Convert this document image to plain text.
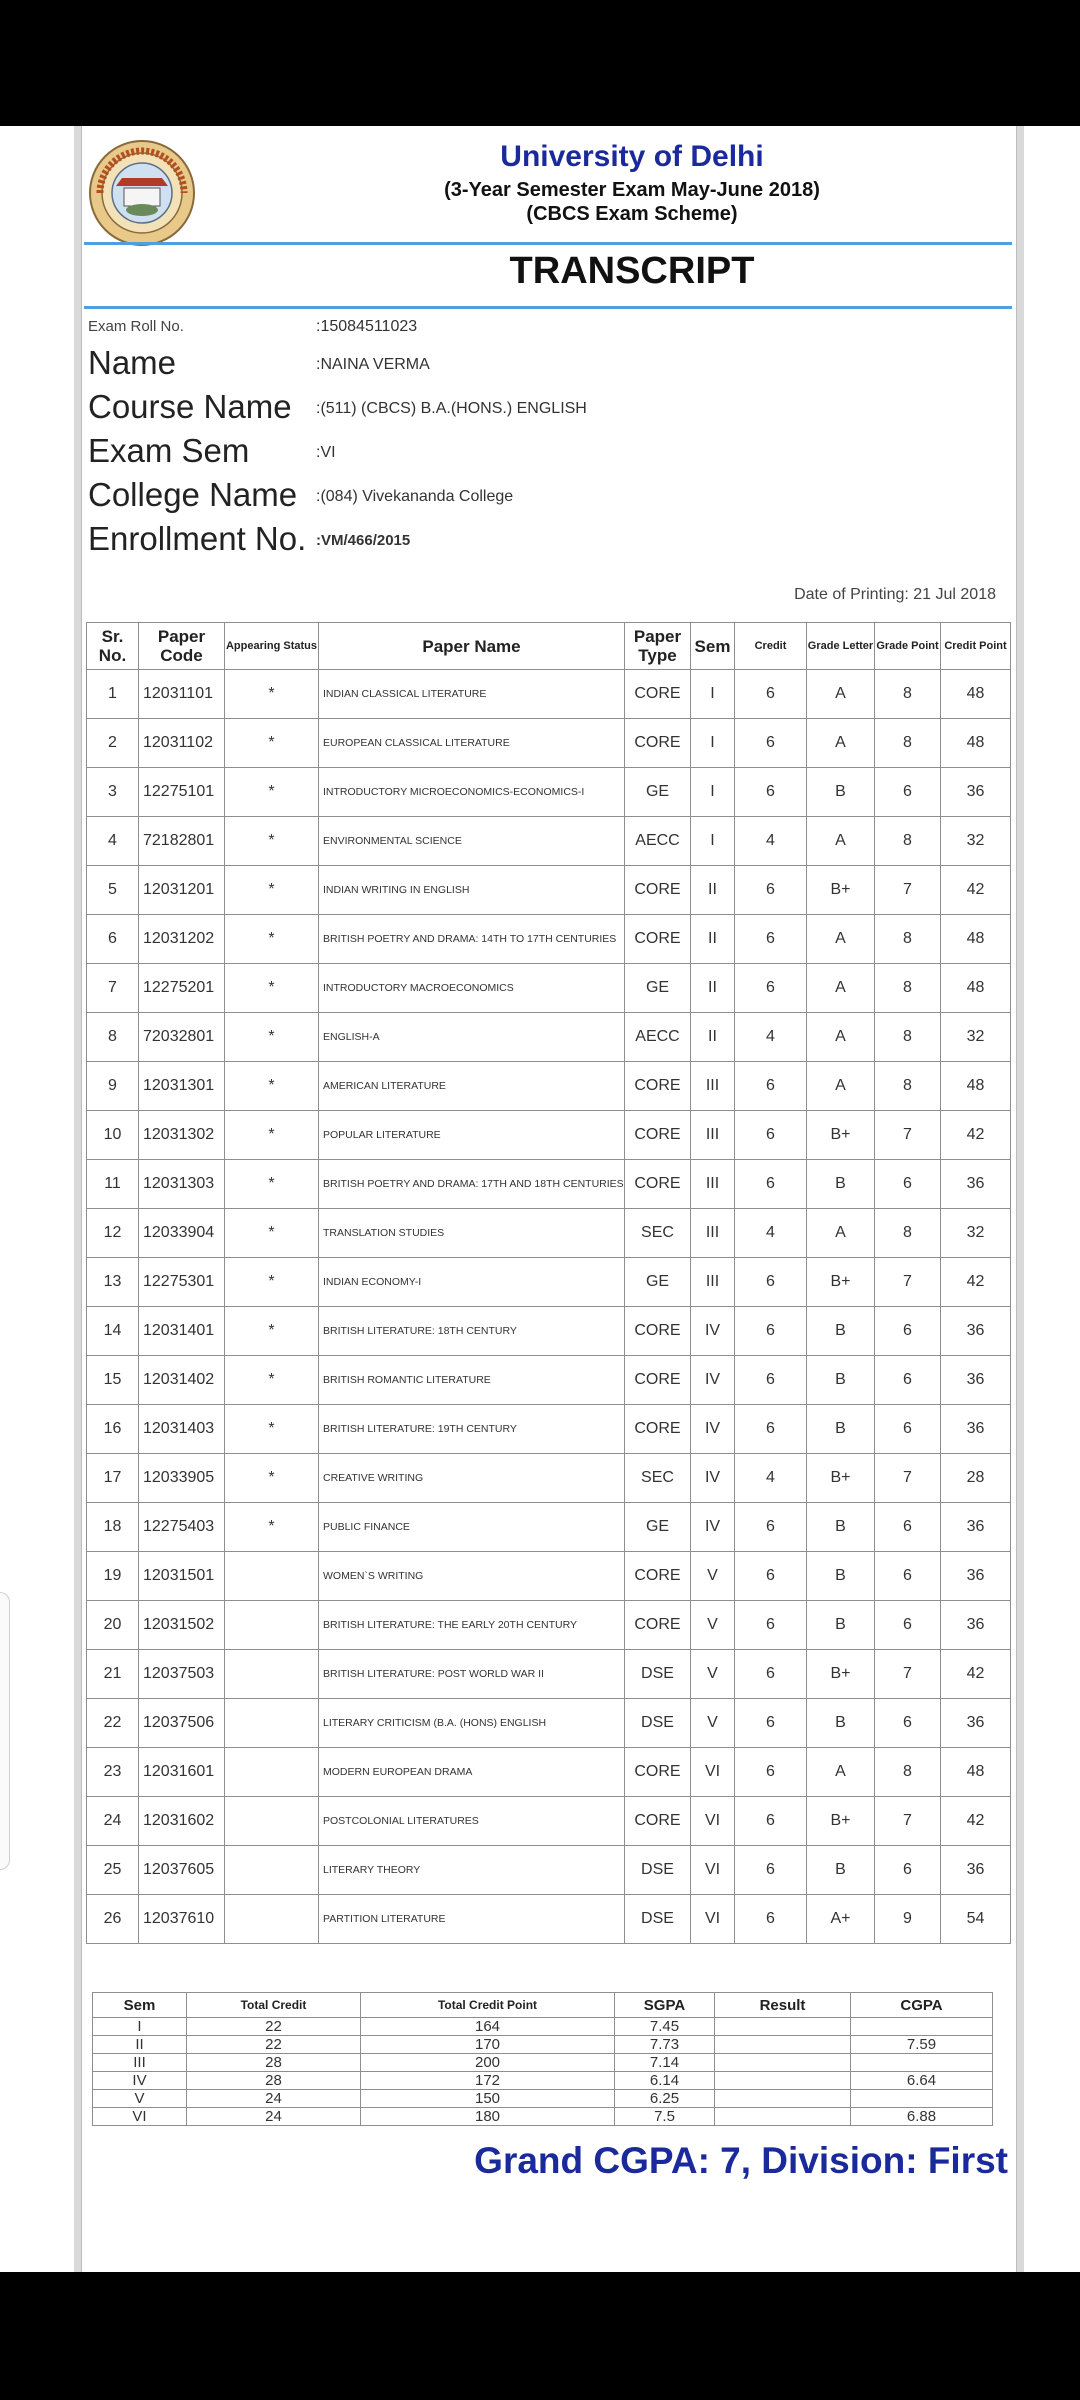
University of Delhi
(3-Year Semester Exam May-June 2018)
(CBCS Exam Scheme)
TRANSCRIPT
Exam Roll No.	:15084511023
Name	:NAINA VERMA
Course Name :(511) (CBCS) B.A.(HONS.) ENGLISH
Exam Sem	:VI
College Name :(084) Vivekananda College
Enrollment No. :VM/466/2015
Date of Printing: 21 Jul 2018
Sr. No.	Paper Code	Appearing Status	Paper Name	Paper Type	Sem	Credit	Grade Letter	Grade Point	Credit Point
1	12031101	*	INDIAN CLASSICAL LITERATURE	CORE	I	6	A	8	48
2	12031102	*	EUROPEAN CLASSICAL LITERATURE	CORE	I	6	A	8	48
3	12275101	*	INTRODUCTORY MICROECONOMICS-ECONOMICS-I	GE	I	6	B	6	36
4	72182801	*	ENVIRONMENTAL SCIENCE	AECC	I	4	A	8	32
5	12031201	*	INDIAN WRITING IN ENGLISH	CORE	II	6	B+	7	42
6	12031202	*	BRITISH POETRY AND DRAMA: 14TH TO 17TH CENTURIES	CORE	II	6	A	8	48
7	12275201	*	INTRODUCTORY MACROECONOMICS	GE	II	6	A	8	48
8	72032801	*	ENGLISH-A	AECC	II	4	A	8	32
9	12031301	*	AMERICAN LITERATURE	CORE	III	6	A	8	48
10	12031302	*	POPULAR LITERATURE	CORE	III	6	B+	7	42
11	12031303	*	BRITISH POETRY AND DRAMA: 17TH AND 18TH CENTURIES	CORE	III	6	B	6	36
12	12033904	*	TRANSLATION STUDIES	SEC	III	4	A	8	32
13	12275301	*	INDIAN ECONOMY-I	GE	III	6	B+	7	42
14	12031401	*	BRITISH LITERATURE: 18TH CENTURY	CORE	IV	6	B	6	36
15	12031402	*	BRITISH ROMANTIC LITERATURE	CORE	IV	6	B	6	36
16	12031403	*	BRITISH LITERATURE: 19TH CENTURY	CORE	IV	6	B	6	36
17	12033905	*	CREATIVE WRITING	SEC	IV	4	B+	7	28
18	12275403	*	PUBLIC FINANCE	GE	IV	6	B	6	36
19	12031501		WOMEN`S WRITING	CORE	V	6	B	6	36
20	12031502		BRITISH LITERATURE: THE EARLY 20TH CENTURY	CORE	V	6	B	6	36
21	12037503		BRITISH LITERATURE: POST WORLD WAR II	DSE	V	6	B+	7	42
22	12037506		LITERARY CRITICISM (B.A. (HONS) ENGLISH	DSE	V	6	B	6	36
23	12031601		MODERN EUROPEAN DRAMA	CORE	VI	6	A	8	48
24	12031602		POSTCOLONIAL LITERATURES	CORE	VI	6	B+	7	42
25	12037605		LITERARY THEORY	DSE	VI	6	B	6	36
26	12037610		PARTITION LITERATURE	DSE	VI	6	A+	9	54
Sem	Total Credit	Total Credit Point	SGPA	Result	CGPA
I	22	164	7.45		
II	22	170	7.73		7.59
III	28	200	7.14		
IV	28	172	6.14		6.64
V	24	150	6.25		
VI	24	180	7.5		6.88
Grand CGPA: 7, Division: First
